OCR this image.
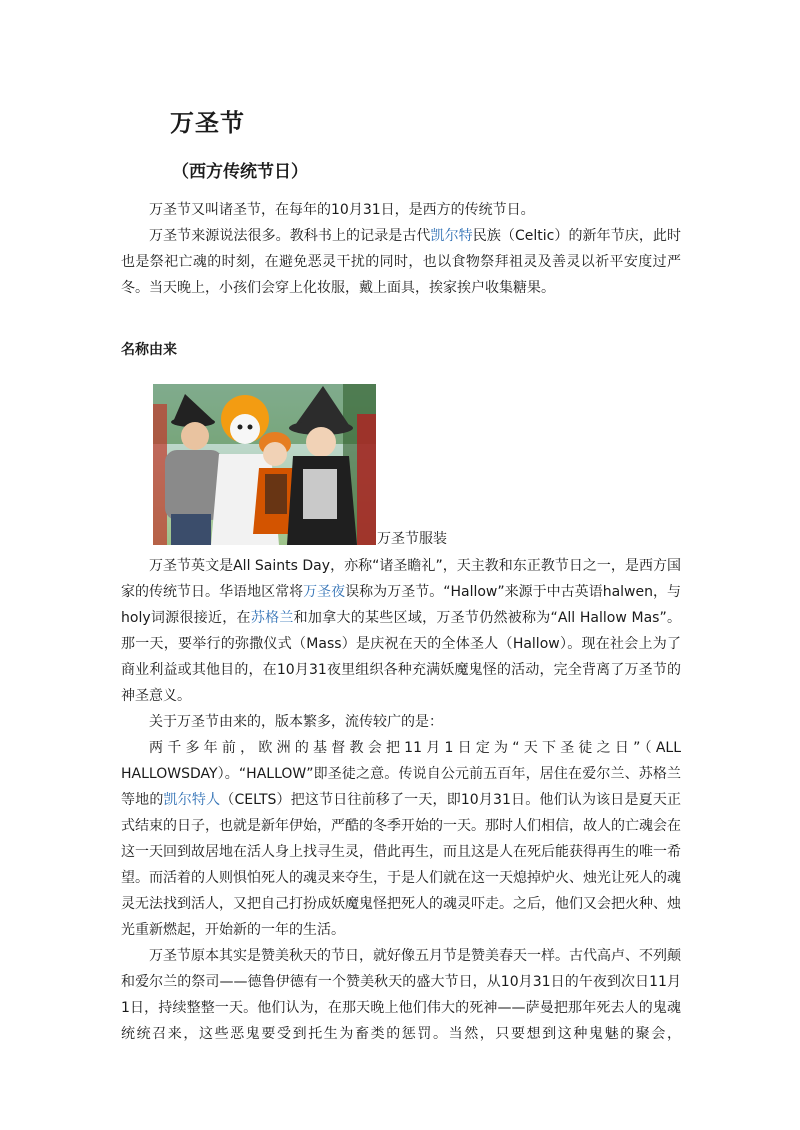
万圣节
（西方传统节日）

万圣节又叫诸圣节，在每年的10月31日，是西方的传统节日。

万圣节来源说法很多。教科书上的记录是古代凯尔特民族（Celtic）的新年节庆，此时也是祭祀亡魂的时刻，在避免恶灵干扰的同时，也以食物祭拜祖灵及善灵以祈平安度过严冬。当天晚上，小孩们会穿上化妆服，戴上面具，挨家挨户收集糖果。

名称由来
万圣节服装

万圣节英文是All Saints Day，亦称“诸圣瞻礼”，天主教和东正教节日之一，是西方国家的传统节日。华语地区常将万圣夜误称为万圣节。“Hallow”来源于中古英语halwen，与holy词源很接近，在苏格兰和加拿大的某些区域，万圣节仍然被称为“All Hallow Mas”。那一天，要举行的弥撒仪式（Mass）是庆祝在天的全体圣人（Hallow）。现在社会上为了商业利益或其他目的，在10月31夜里组织各种充满妖魔鬼怪的活动，完全背离了万圣节的神圣意义。

关于万圣节由来的，版本繁多，流传较广的是：

两千多年前，欧洲的基督教会把11月1日定为“天下圣徒之日”（ALL HALLOWSDAY）。“HALLOW”即圣徒之意。传说自公元前五百年，居住在爱尔兰、苏格兰等地的凯尔特人（CELTS）把这节日往前移了一天，即10月31日。他们认为该日是夏天正式结束的日子，也就是新年伊始，严酷的冬季开始的一天。那时人们相信，故人的亡魂会在这一天回到故居地在活人身上找寻生灵，借此再生，而且这是人在死后能获得再生的唯一希望。而活着的人则惧怕死人的魂灵来夺生，于是人们就在这一天熄掉炉火、烛光让死人的魂灵无法找到活人，又把自己打扮成妖魔鬼怪把死人的魂灵吓走。之后，他们又会把火种、烛光重新燃起，开始新的一年的生活。

万圣节原本其实是赞美秋天的节日，就好像五月节是赞美春天一样。古代高卢、不列颠和爱尔兰的祭司——德鲁伊德有一个赞美秋天的盛大节日，从10月31日的午夜到次日11月1日，持续整整一天。他们认为，在那天晚上他们伟大的死神——萨曼把那年死去人的鬼魂统统召来，这些恶鬼要受到托生为畜类的惩罚。当然，只要想到这种鬼魅的聚会，
